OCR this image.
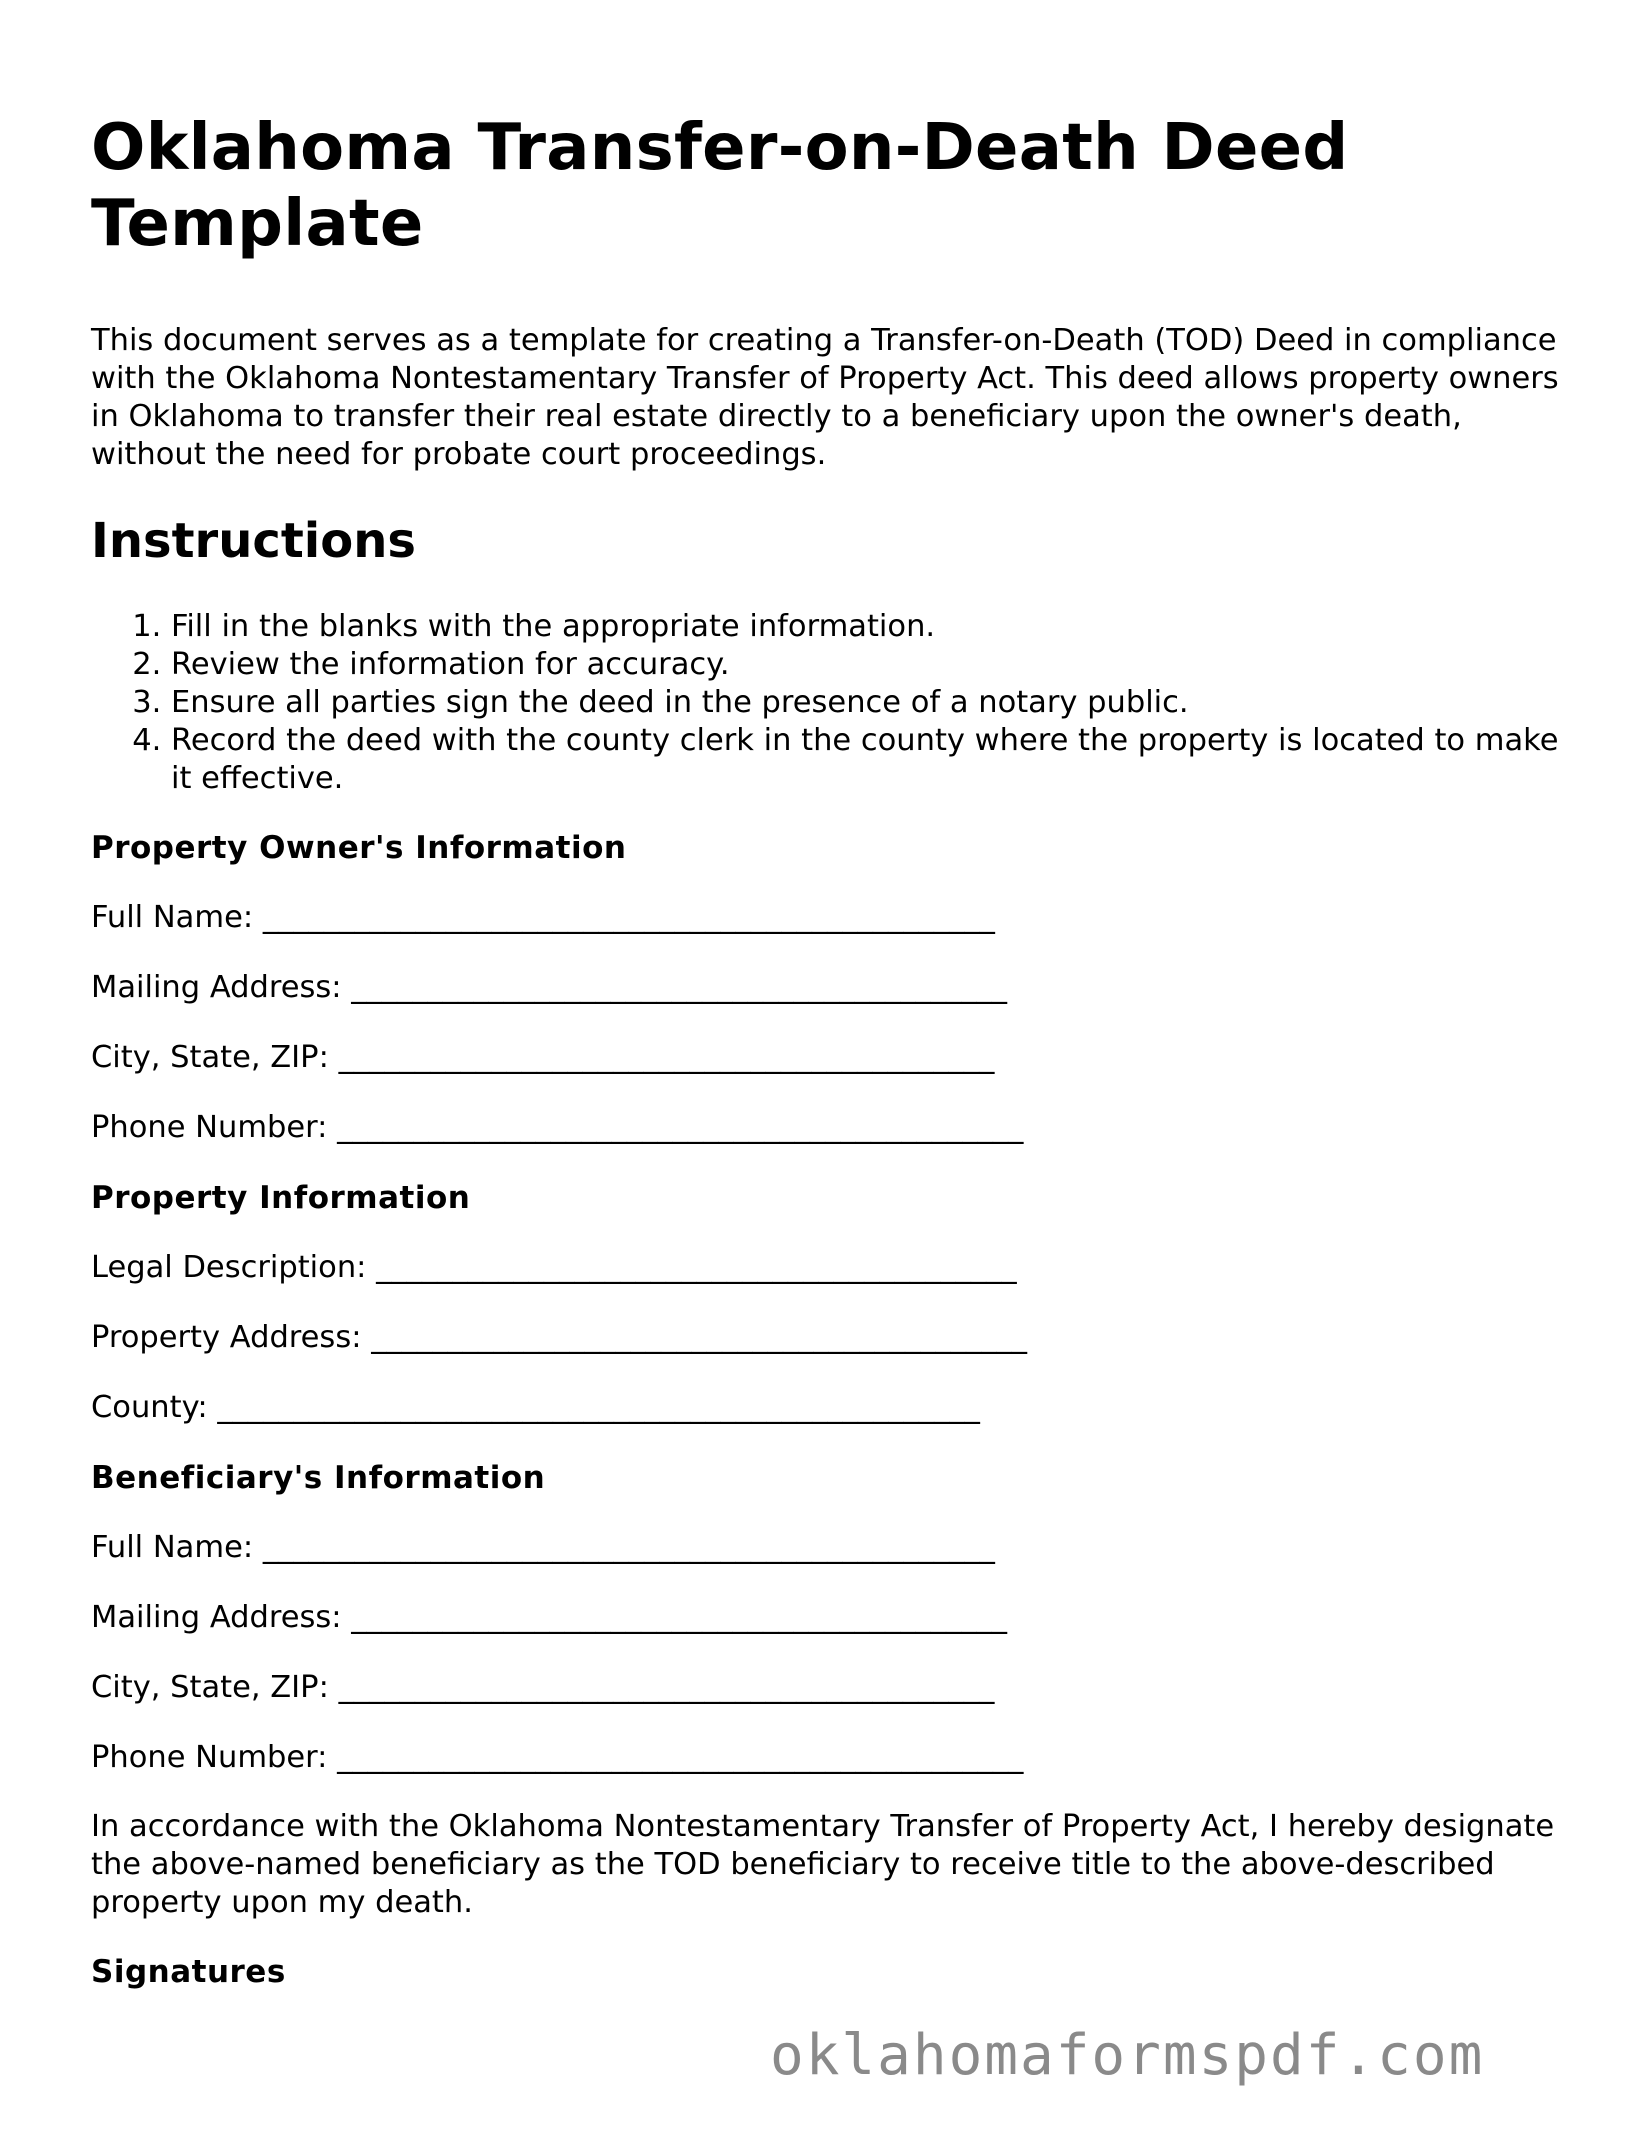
Oklahoma Transfer-on-Death Deed Template

This document serves as a template for creating a Transfer-on-Death (TOD) Deed in compliance with the Oklahoma Nontestamentary Transfer of Property Act. This deed allows property owners in Oklahoma to transfer their real estate directly to a beneficiary upon the owner's death, without the need for probate court proceedings.

Instructions
1. Fill in the blanks with the appropriate information.
2. Review the information for accuracy.
3. Ensure all parties sign the deed in the presence of a notary public.
4. Record the deed with the county clerk in the county where the property is located to make it effective.
Property Owner's Information
Full Name: ________________________________________________
Mailing Address: ___________________________________________
City, State, ZIP: ___________________________________________
Phone Number: _____________________________________________
Property Information
Legal Description: __________________________________________
Property Address: ___________________________________________
County: __________________________________________________
Beneficiary's Information
Full Name: ________________________________________________
Mailing Address: ___________________________________________
City, State, ZIP: ___________________________________________
Phone Number: _____________________________________________

In accordance with the Oklahoma Nontestamentary Transfer of Property Act, I hereby designate the above-named beneficiary as the TOD beneficiary to receive title to the above-described property upon my death.

Signatures
oklahomaformspdf.com
